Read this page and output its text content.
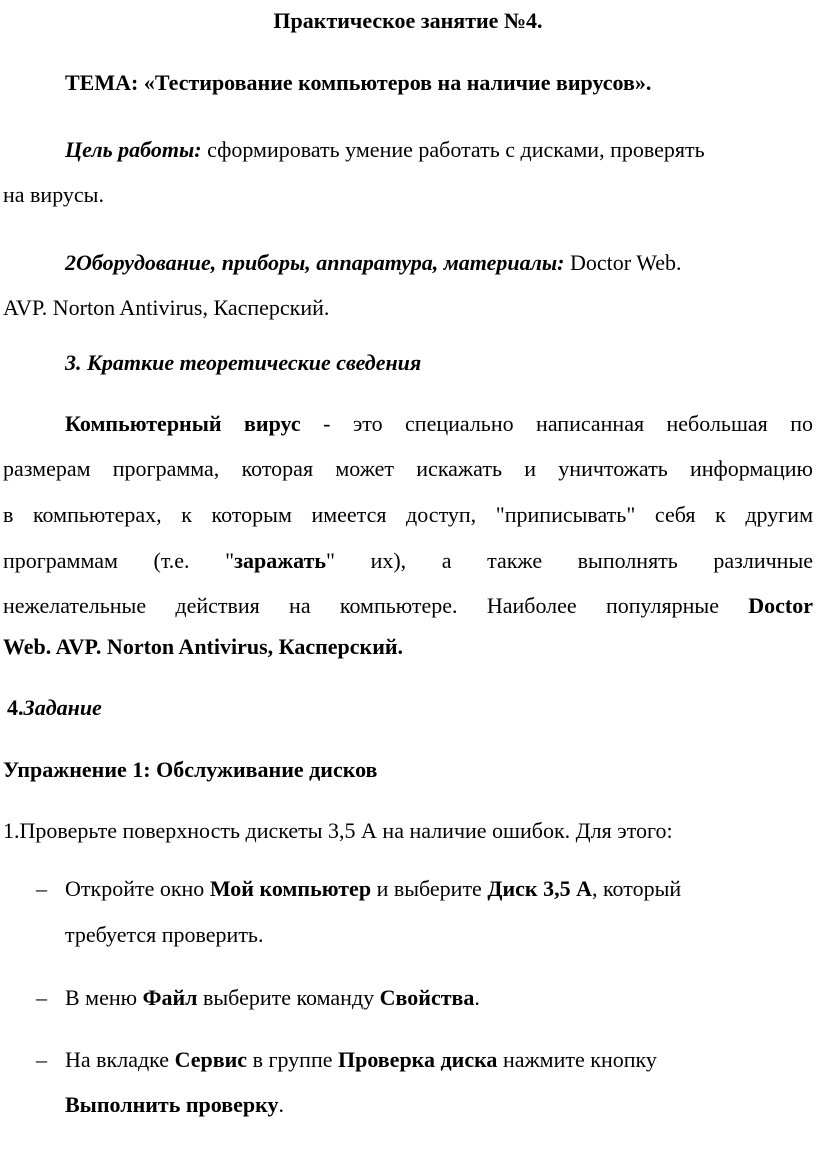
Практическое занятие №4.
ТЕМА: «Тестирование компьютеров на наличие вирусов».
Цель работы: сформировать умение работать с дисками, проверять
на вирусы.
2Оборудование, приборы, аппаратура, материалы: Doctor Web.
AVP. Norton Antivirus, Касперский.
3. Краткие теоретические сведения
Компьютерный вирус - это специально написанная небольшая по
размерам программа, которая может искажать и уничтожать информацию
в компьютерах, к которым имеется доступ, "приписывать" себя к другим
программам (т.е. "заражать" их), а также выполнять различные
нежелательные действия на компьютере. Наиболее популярные Doctor
Web. AVP. Norton Antivirus, Касперский.
4.Задание
Упражнение 1: Обслуживание дисков
1.Проверьте поверхность дискеты 3,5 А на наличие ошибок. Для этого:
– Откройте окно Мой компьютер и выберите Диск 3,5 А, который
требуется проверить.
– В меню Файл выберите команду Свойства.
– На вкладке Сервис в группе Проверка диска нажмите кнопку
Выполнить проверку.
